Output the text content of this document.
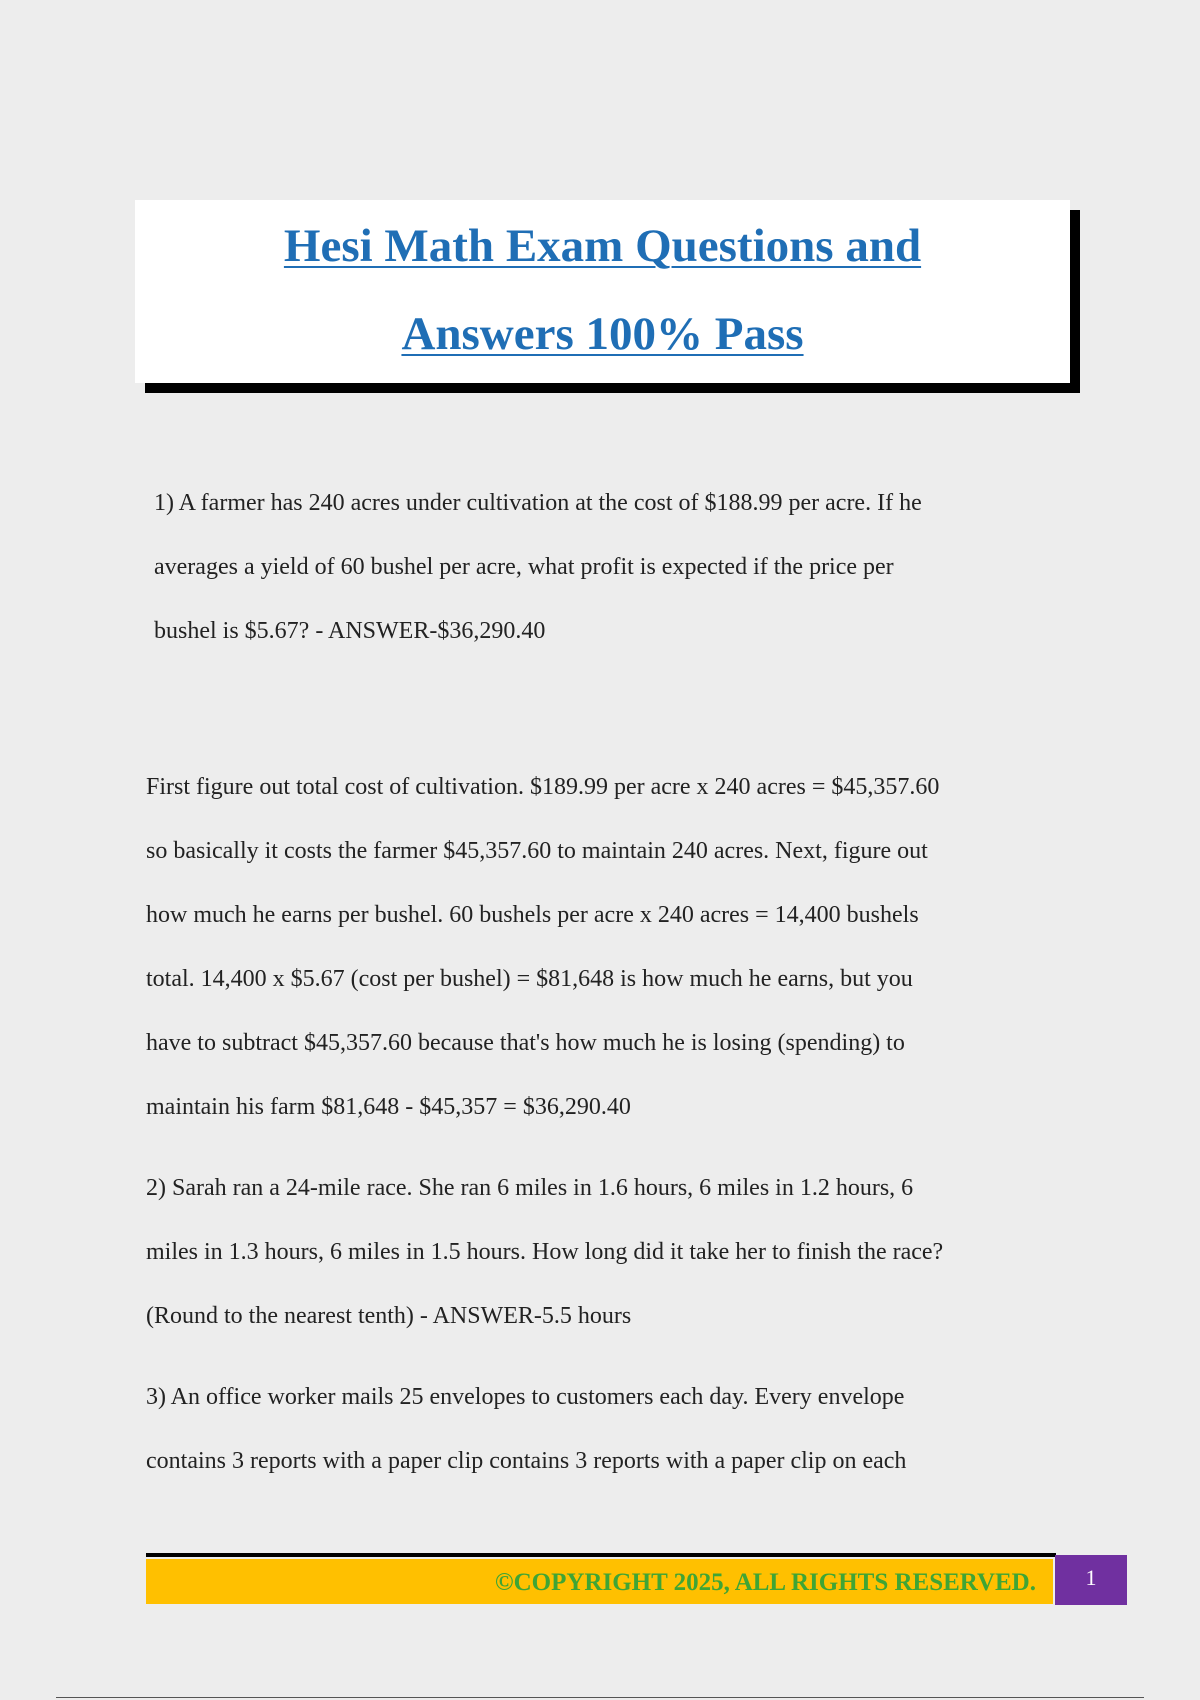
Hesi Math Exam Questions and
Answers 100% Pass
1) A farmer has 240 acres under cultivation at the cost of $188.99 per acre. If he
averages a yield of 60 bushel per acre, what profit is expected if the price per
bushel is $5.67? - ANSWER-$36,290.40
First figure out total cost of cultivation. $189.99 per acre x 240 acres = $45,357.60
so basically it costs the farmer $45,357.60 to maintain 240 acres. Next, figure out
how much he earns per bushel. 60 bushels per acre x 240 acres = 14,400 bushels
total. 14,400 x $5.67 (cost per bushel) = $81,648 is how much he earns, but you
have to subtract $45,357.60 because that's how much he is losing (spending) to
maintain his farm $81,648 - $45,357 = $36,290.40
2) Sarah ran a 24-mile race. She ran 6 miles in 1.6 hours, 6 miles in 1.2 hours, 6
miles in 1.3 hours, 6 miles in 1.5 hours. How long did it take her to finish the race?
(Round to the nearest tenth) - ANSWER-5.5 hours
3) An office worker mails 25 envelopes to customers each day. Every envelope
contains 3 reports with a paper clip contains 3 reports with a paper clip on each
©COPYRIGHT 2025, ALL RIGHTS RESERVED.	1
